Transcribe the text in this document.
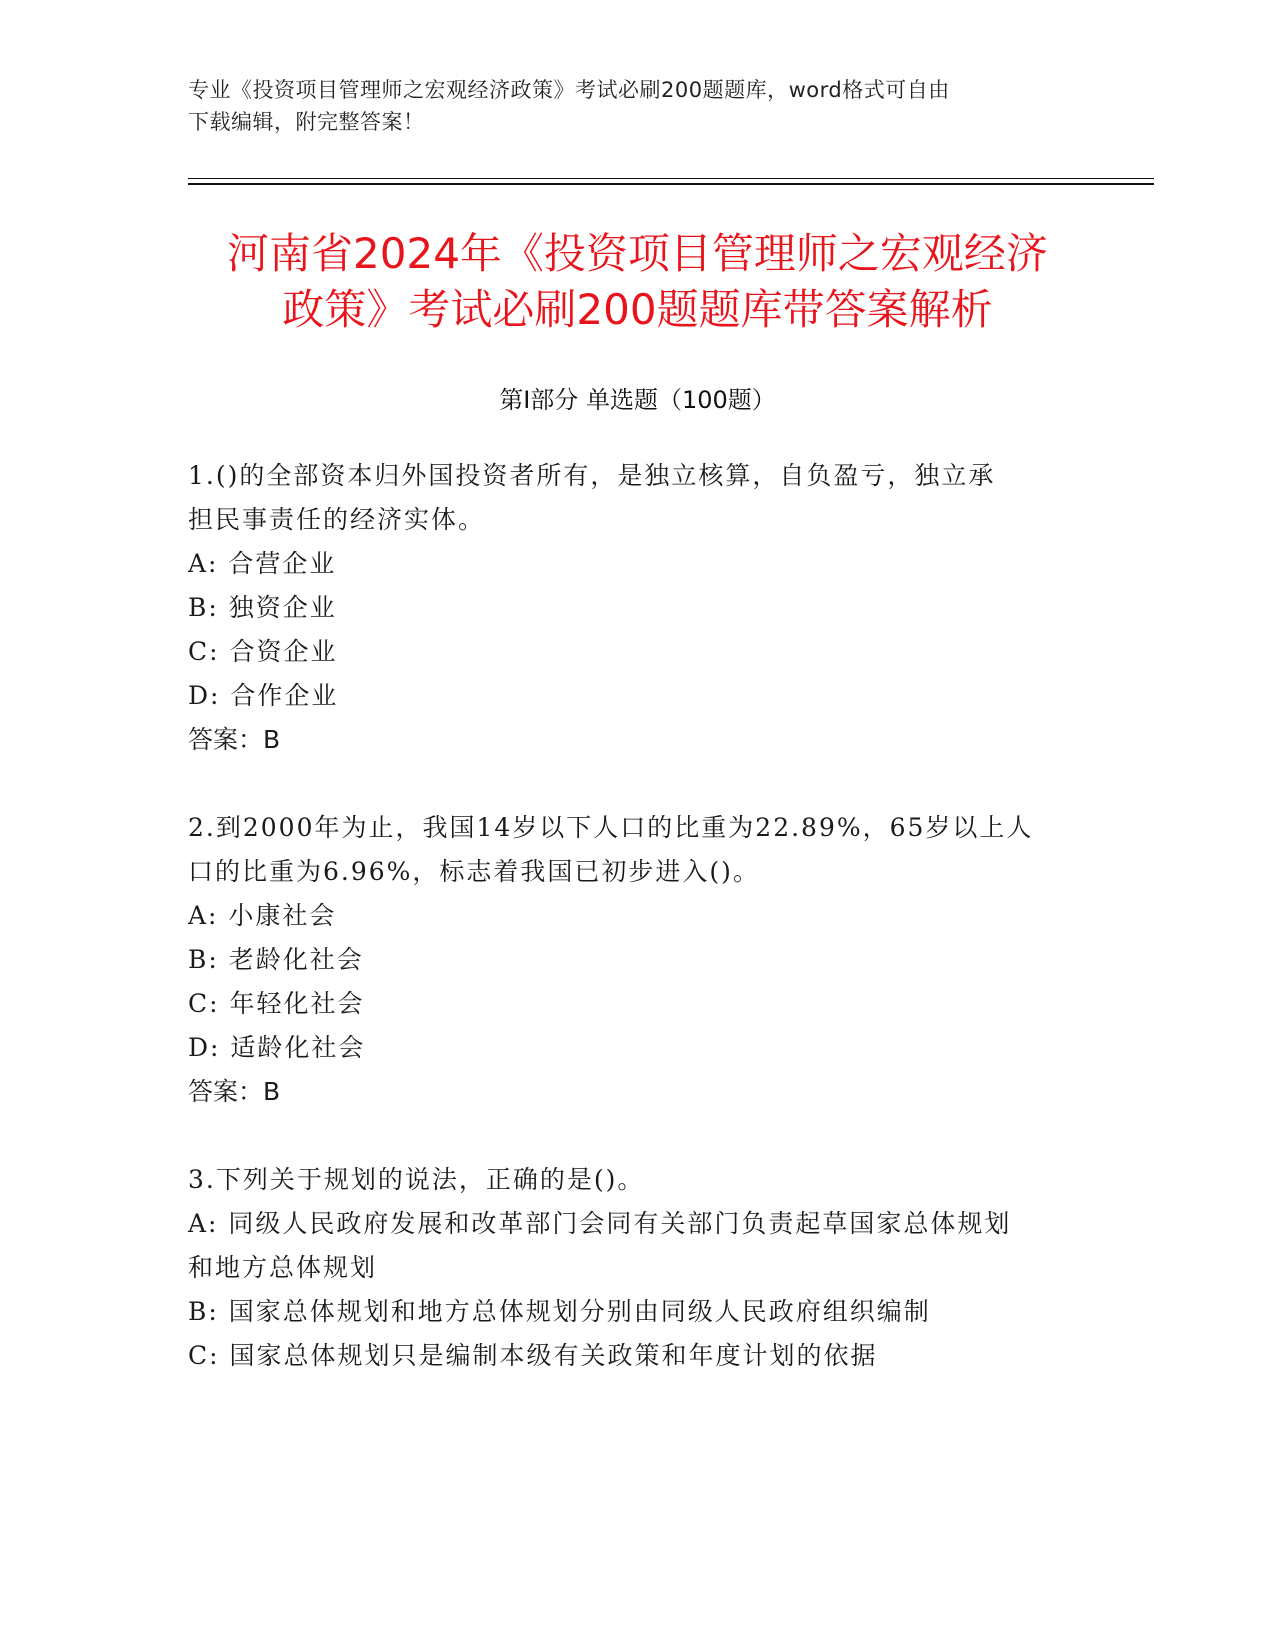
专业《投资项目管理师之宏观经济政策》考试必刷200题题库，word格式可自由
下载编辑，附完整答案！

河南省2024年《投资项目管理师之宏观经济
政策》考试必刷200题题库带答案解析
第Ⅰ部分 单选题（100题）

1.()的全部资本归外国投资者所有，是独立核算，自负盈亏，独立承

担民事责任的经济实体。

A: 合营企业

B: 独资企业

C: 合资企业

D: 合作企业

答案：B

2.到2000年为止，我国14岁以下人口的比重为22.89%，65岁以上人

口的比重为6.96%，标志着我国已初步进入()。

A: 小康社会

B: 老龄化社会

C: 年轻化社会

D: 适龄化社会

答案：B

3.下列关于规划的说法，正确的是()。

A: 同级人民政府发展和改革部门会同有关部门负责起草国家总体规划

和地方总体规划

B: 国家总体规划和地方总体规划分别由同级人民政府组织编制

C: 国家总体规划只是编制本级有关政策和年度计划的依据
